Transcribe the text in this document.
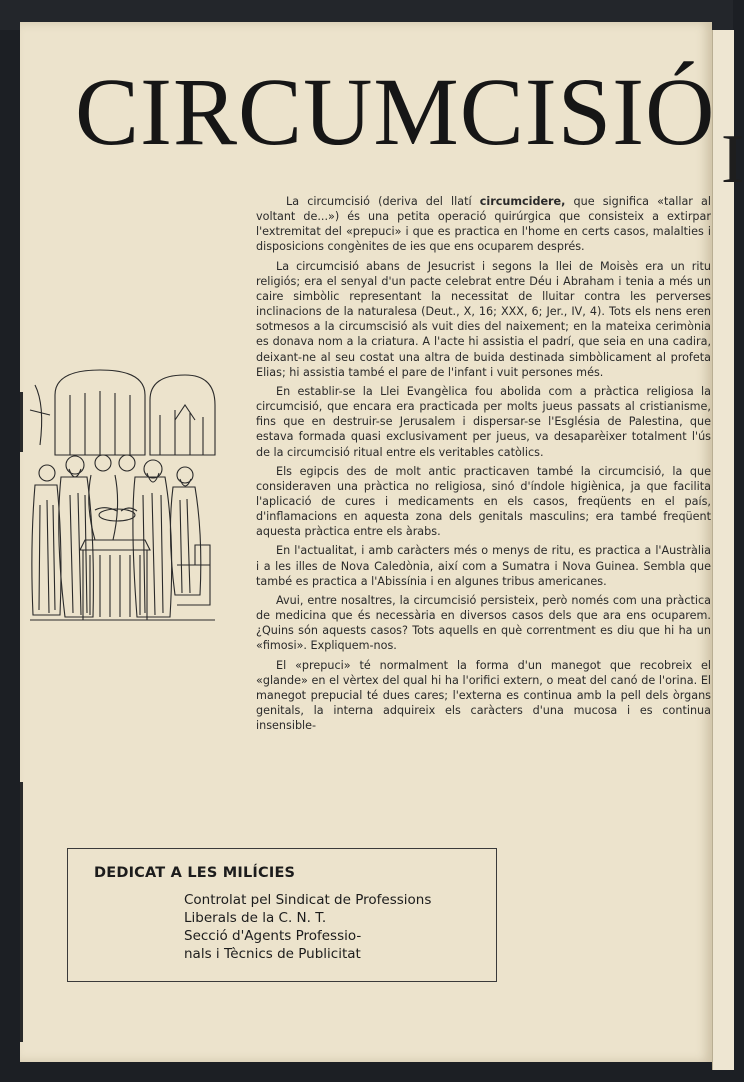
I
CIRCUMCISIÓ

La circumcisió (deriva del llatí circumcidere, que significa «tallar al voltant de...») és una petita operació quirúrgica que consisteix a extirpar l'extremitat del «prepuci» i que es practica en l'home en certs casos, malalties i disposicions congènites de ies que ens ocuparem després.

La circumcisió abans de Jesucrist i segons la llei de Moisès era un ritu religiós; era el senyal d'un pacte celebrat entre Déu i Abraham i tenia a més un caire simbòlic representant la necessitat de lluitar contra les perverses inclinacions de la naturalesa (Deut., X, 16; XXX, 6; Jer., IV, 4). Tots els nens eren sotmesos a la circumscisió als vuit dies del naixement; en la mateixa cerimònia es donava nom a la criatura. A l'acte hi assistia el padrí, que seia en una cadira, deixant-ne al seu costat una altra de buida destinada simbòlicament al profeta Elias; hi assistia també el pare de l'infant i vuit persones més.

En establir-se la Llei Evangèlica fou abolida com a pràctica religiosa la circumcisió, que encara era practicada per molts jueus passats al cristianisme, fins que en destruir-se Jerusalem i dispersar-se l'Església de Palestina, que estava formada quasi exclusivament per jueus, va desaparèixer totalment l'ús de la circumcisió ritual entre els veritables catòlics.

Els egipcis des de molt antic practicaven també la circumcisió, la que consideraven una pràctica no religiosa, sinó d'índole higiènica, ja que facilita l'aplicació de cures i medicaments en els casos, freqüents en el país, d'inflamacions en aquesta zona dels genitals masculins; era també freqüent aquesta pràctica entre els àrabs.

En l'actualitat, i amb caràcters més o menys de ritu, es practica a l'Austràlia i a les illes de Nova Caledònia, així com a Sumatra i Nova Guinea. Sembla que també es practica a l'Abissínia i en algunes tribus americanes.

Avui, entre nosaltres, la circumcisió persisteix, però només com una pràctica de medicina que és necessària en diversos casos dels que ara ens ocuparem. ¿Quins són aquests casos? Tots aquells en què correntment es diu que hi ha un «fimosi». Expliquem-nos.

El «prepuci» té normalment la forma d'un manegot que recobreix el «glande» en el vèrtex del qual hi ha l'orifici extern, o meat del canó de l'orina. El manegot prepucial té dues cares; l'externa es continua amb la pell dels òrgans genitals, la interna adquireix els caràcters d'una mucosa i es continua insensible-

DEDICAT A LES MILÍCIES
Controlat pel Sindicat de Professions
Liberals de la C. N. T.
Secció d'Agents Professio-
nals i Tècnics de Publicitat
